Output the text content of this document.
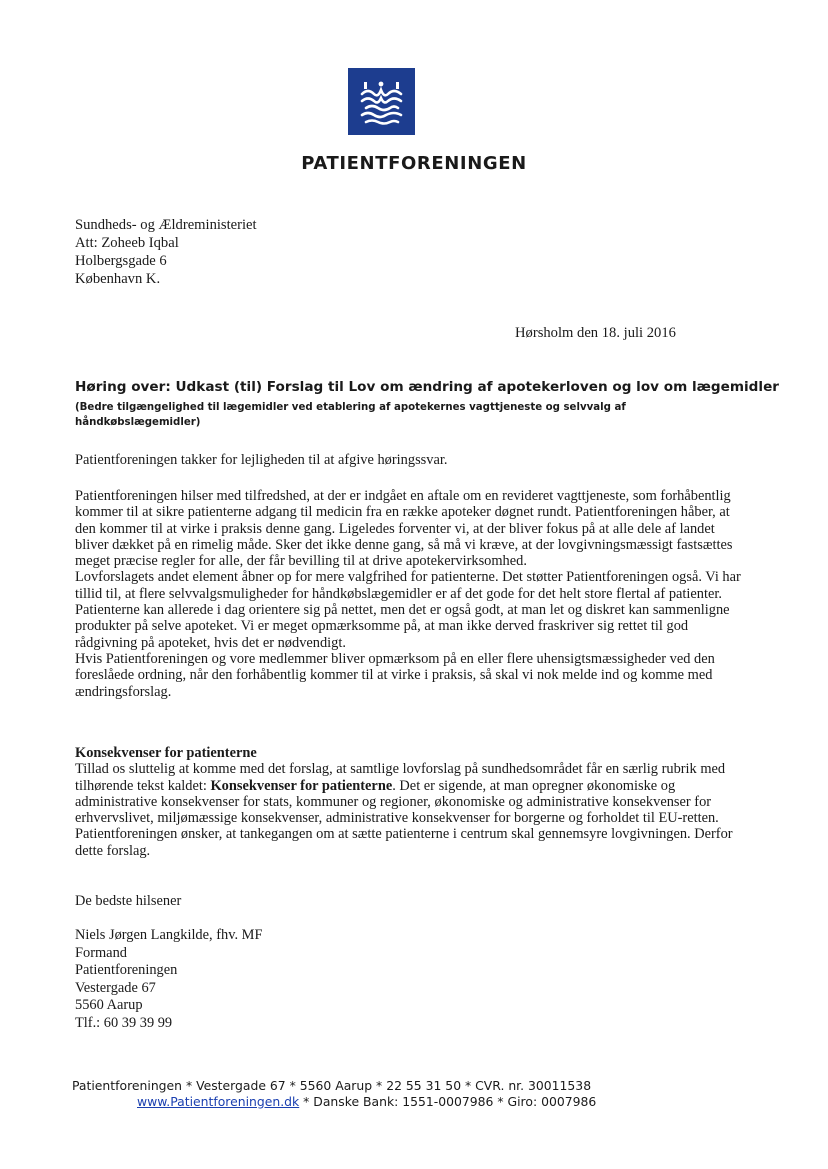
PATIENTFORENINGEN
Sundheds- og Ældreministeriet
Att: Zoheeb Iqbal
Holbergsgade 6
København K.
Hørsholm den 18. juli 2016
Høring over: Udkast (til) Forslag til Lov om ændring af apotekerloven og lov om lægemidler
(Bedre tilgængelighed til lægemidler ved etablering af apotekernes vagttjeneste og selvvalg af håndkøbslægemidler)

Patientforeningen takker for lejligheden til at afgive høringssvar.

Patientforeningen hilser med tilfredshed, at der er indgået en aftale om en revideret vagttjeneste, som forhåbentlig kommer til at sikre patienterne adgang til medicin fra en række apoteker døgnet rundt. Patientforeningen håber, at den kommer til at virke i praksis denne gang. Ligeledes forventer vi, at der bliver fokus på at alle dele af landet bliver dækket på en rimelig måde. Sker det ikke denne gang, så må vi kræve, at der lovgivningsmæssigt fastsættes meget præcise regler for alle, der får bevilling til at drive apotekervirksomhed.

Lovforslagets andet element åbner op for mere valgfrihed for patienterne. Det støtter Patientforeningen også. Vi har tillid til, at flere selvvalgsmuligheder for håndkøbslægemidler er af det gode for det helt store flertal af patienter. Patienterne kan allerede i dag orientere sig på nettet, men det er også godt, at man let og diskret kan sammenligne produkter på selve apoteket. Vi er meget opmærksomme på, at man ikke derved fraskriver sig rettet til god rådgivning på apoteket, hvis det er nødvendigt.

Hvis Patientforeningen og vore medlemmer bliver opmærksom på en eller flere uhensigtsmæssigheder ved den foreslåede ordning, når den forhåbentlig kommer til at virke i praksis, så skal vi nok melde ind og komme med ændringsforslag.

Konsekvenser for patienterne

Tillad os sluttelig at komme med det forslag, at samtlige lovforslag på sundhedsområdet får en særlig rubrik med tilhørende tekst kaldet: Konsekvenser for patienterne. Det er sigende, at man opregner økonomiske og administrative konsekvenser for stats, kommuner og regioner, økonomiske og administrative konsekvenser for erhvervslivet, miljømæssige konsekvenser, administrative konsekvenser for borgerne og forholdet til EU-retten. Patientforeningen ønsker, at tankegangen om at sætte patienterne i centrum skal gennemsyre lovgivningen. Derfor dette forslag.

De bedste hilsener

Niels Jørgen Langkilde, fhv. MF

Formand

Patientforeningen

Vestergade 67

5560 Aarup

Tlf.: 60 39 39 99

Patientforeningen * Vestergade 67 * 5560 Aarup * 22 55 31 50 * CVR. nr. 30011538
www.Patientforeningen.dk * Danske Bank: 1551-0007986 * Giro: 0007986
